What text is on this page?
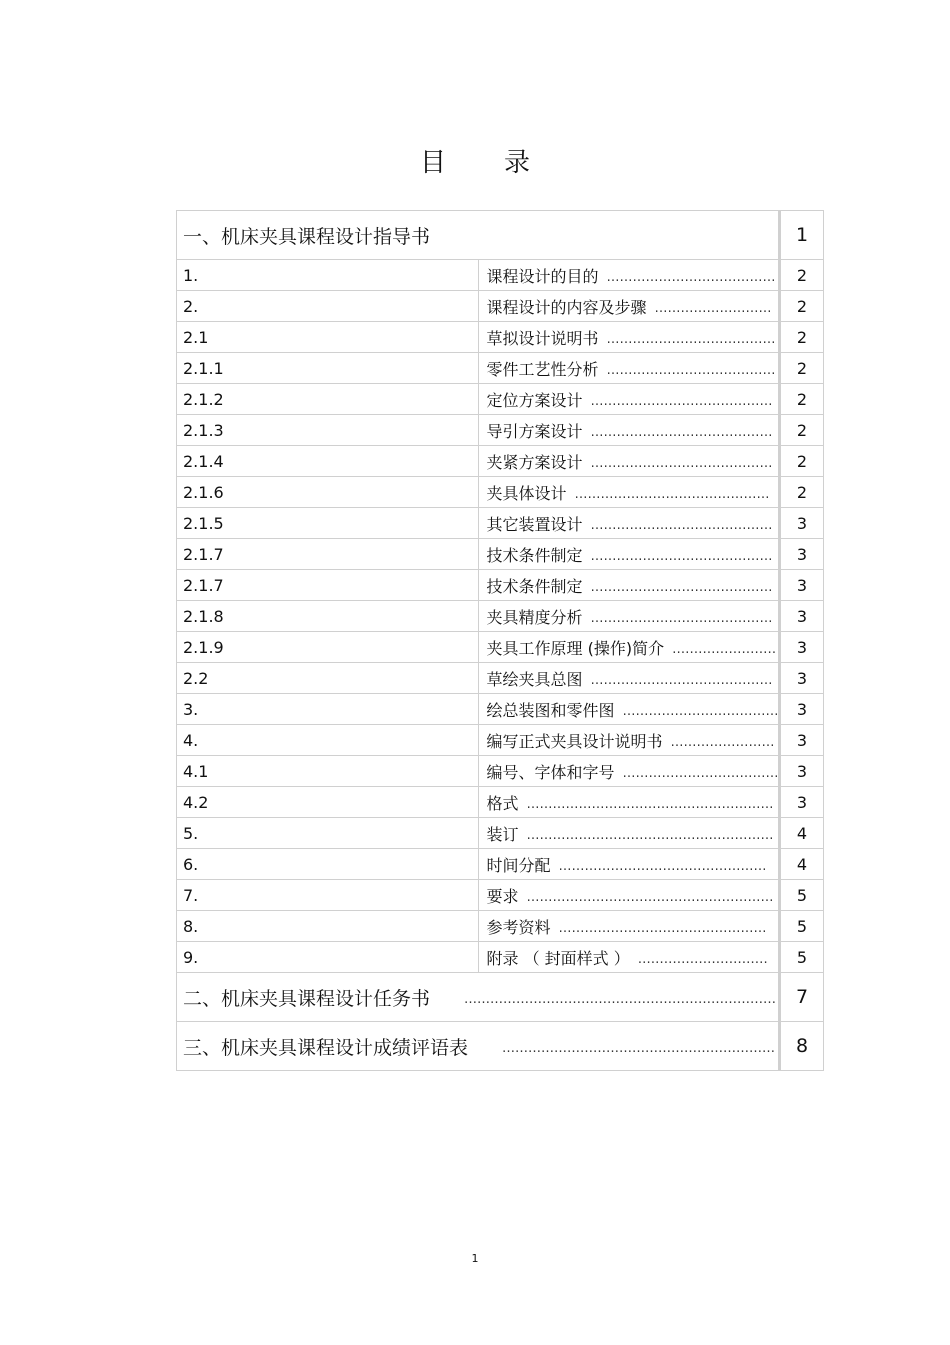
目 录
一、机床夹具课程设计指导书		1
1.	课程设计的目的 …………………………………	2
2.	课程设计的内容及步骤 ………………………	2
2.1	草拟设计说明书 …………………………………	2
2.1.1	零件工艺性分析 …………………………………	2
2.1.2	定位方案设计 ……………………………………	2
2.1.3	导引方案设计 ……………………………………	2
2.1.4	夹紧方案设计 ……………………………………	2
2.1.6	夹具体设计 ………………………………………	2
2.1.5	其它装置设计 ……………………………………	3
2.1.7	技术条件制定 ……………………………………	3
2.1.7	技术条件制定 ……………………………………	3
2.1.8	夹具精度分析 ……………………………………	3
2.1.9	夹具工作原理 (操作)简介 ……………………	3
2.2	草绘夹具总图 ……………………………………	3
3.	绘总装图和零件图 ………………………………	3
4.	编写正式夹具设计说明书 ……………………	3
4.1	编号、字体和字号 ………………………………	3
4.2	格式 …………………………………………………	3
5.	装订 …………………………………………………	4
6.	时间分配 …………………………………………	4
7.	要求 …………………………………………………	5
8.	参考资料 …………………………………………	5
9.	附录 （ 封面样式 ） …………………………	5
二、机床夹具课程设计任务书 ………………………………………………………………		7
三、机床夹具课程设计成绩评语表 ………………………………………………………		8
1
